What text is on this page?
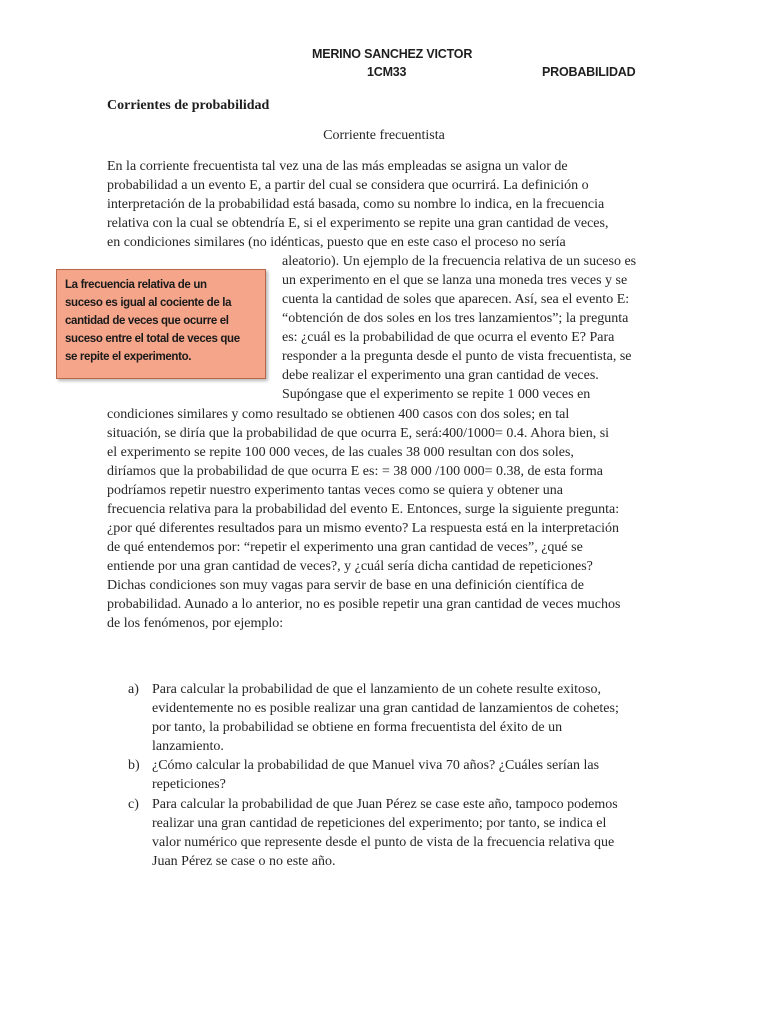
MERINO SANCHEZ VICTOR
1CM33	PROBABILIDAD
Corrientes de probabilidad
Corriente frecuentista
En la corriente frecuentista tal vez una de las más empleadas se asigna un valor de
probabilidad a un evento E, a partir del cual se considera que ocurrirá. La definición o
interpretación de la probabilidad está basada, como su nombre lo indica, en la frecuencia
relativa con la cual se obtendría E, si el experimento se repite una gran cantidad de veces,
en condiciones similares (no idénticas, puesto que en este caso el proceso no sería
aleatorio). Un ejemplo de la frecuencia relativa de un suceso es
un experimento en el que se lanza una moneda tres veces y se
cuenta la cantidad de soles que aparecen. Así, sea el evento E:
“obtención de dos soles en los tres lanzamientos”; la pregunta
es: ¿cuál es la probabilidad de que ocurra el evento E? Para
responder a la pregunta desde el punto de vista frecuentista, se
debe realizar el experimento una gran cantidad de veces.
Supóngase que el experimento se repite 1 000 veces en
condiciones similares y como resultado se obtienen 400 casos con dos soles; en tal
situación, se diría que la probabilidad de que ocurra E, será:400/1000= 0.4. Ahora bien, si
el experimento se repite 100 000 veces, de las cuales 38 000 resultan con dos soles,
diríamos que la probabilidad de que ocurra E es: = 38 000 /100 000= 0.38, de esta forma
podríamos repetir nuestro experimento tantas veces como se quiera y obtener una
frecuencia relativa para la probabilidad del evento E. Entonces, surge la siguiente pregunta:
¿por qué diferentes resultados para un mismo evento? La respuesta está en la interpretación
de qué entendemos por: “repetir el experimento una gran cantidad de veces”, ¿qué se
entiende por una gran cantidad de veces?, y ¿cuál sería dicha cantidad de repeticiones?
Dichas condiciones son muy vagas para servir de base en una definición científica de
probabilidad. Aunado a lo anterior, no es posible repetir una gran cantidad de veces muchos
de los fenómenos, por ejemplo:
La frecuencia relativa de un
suceso es igual al cociente de la
cantidad de veces que ocurre el
suceso entre el total de veces que
se repite el experimento.
a) Para calcular la probabilidad de que el lanzamiento de un cohete resulte exitoso,
evidentemente no es posible realizar una gran cantidad de lanzamientos de cohetes;
por tanto, la probabilidad se obtiene en forma frecuentista del éxito de un
lanzamiento.
b) ¿Cómo calcular la probabilidad de que Manuel viva 70 años? ¿Cuáles serían las
repeticiones?
c) Para calcular la probabilidad de que Juan Pérez se case este año, tampoco podemos
realizar una gran cantidad de repeticiones del experimento; por tanto, se indica el
valor numérico que represente desde el punto de vista de la frecuencia relativa que
Juan Pérez se case o no este año.
